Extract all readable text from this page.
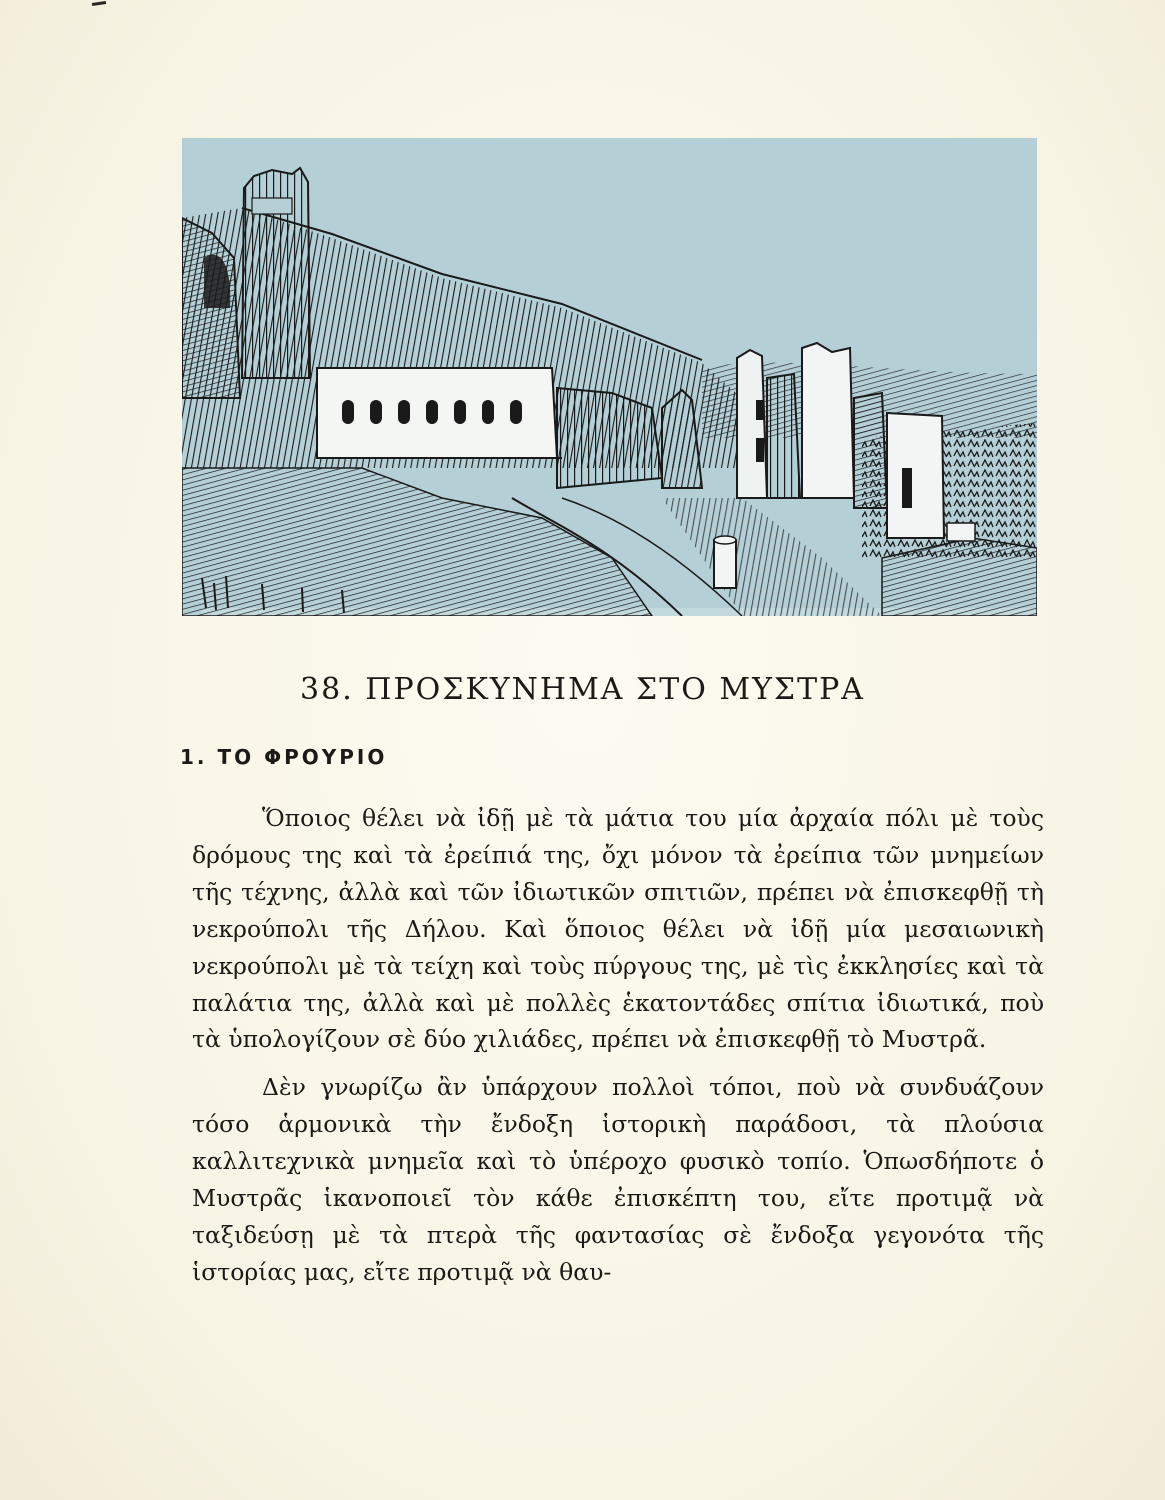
38. ΠΡΟΣΚΥΝΗΜΑ ΣΤΟ ΜΥΣΤΡΑ
1. ΤΟ ΦΡΟΥΡΙΟ

Ὅποιος θέλει νὰ ἰδῇ μὲ τὰ μάτια του μία ἀρχαία πόλι μὲ τοὺς δρόμους της καὶ τὰ ἐρείπιά της, ὄχι μόνον τὰ ἐρείπια τῶν μνημείων τῆς τέχνης, ἀλλὰ καὶ τῶν ἰδιωτικῶν σπιτιῶν, πρέπει νὰ ἐπισκεφθῇ τὴ νεκρούπολι τῆς Δήλου. Καὶ ὅποιος θέλει νὰ ἰδῇ μία μεσαιωνικὴ νεκρούπολι μὲ τὰ τείχη καὶ τοὺς πύργους της, μὲ τὶς ἐκκλησίες καὶ τὰ παλάτια της, ἀλλὰ καὶ μὲ πολλὲς ἑκατοντάδες σπίτια ἰδιωτικά, ποὺ τὰ ὑπολογίζουν σὲ δύο χιλιάδες, πρέπει νὰ ἐπισκεφθῇ τὸ Μυστρᾶ.

Δὲν γνωρίζω ἂν ὑπάρχουν πολλοὶ τόποι, ποὺ νὰ συνδυάζουν τόσο ἁρμονικὰ τὴν ἔνδοξη ἱστορικὴ παράδοσι, τὰ πλούσια καλλιτεχνικὰ μνημεῖα καὶ τὸ ὑπέροχο φυσικὸ τοπίο. Ὁπωσδήποτε ὁ Μυστρᾶς ἱκανοποιεῖ τὸν κάθε ἐπισκέπτη του, εἴτε προτιμᾷ νὰ ταξιδεύσῃ μὲ τὰ πτερὰ τῆς φαντασίας σὲ ἔνδοξα γεγονότα τῆς ἱστορίας μας, εἴτε προτιμᾷ νὰ θαυ-
